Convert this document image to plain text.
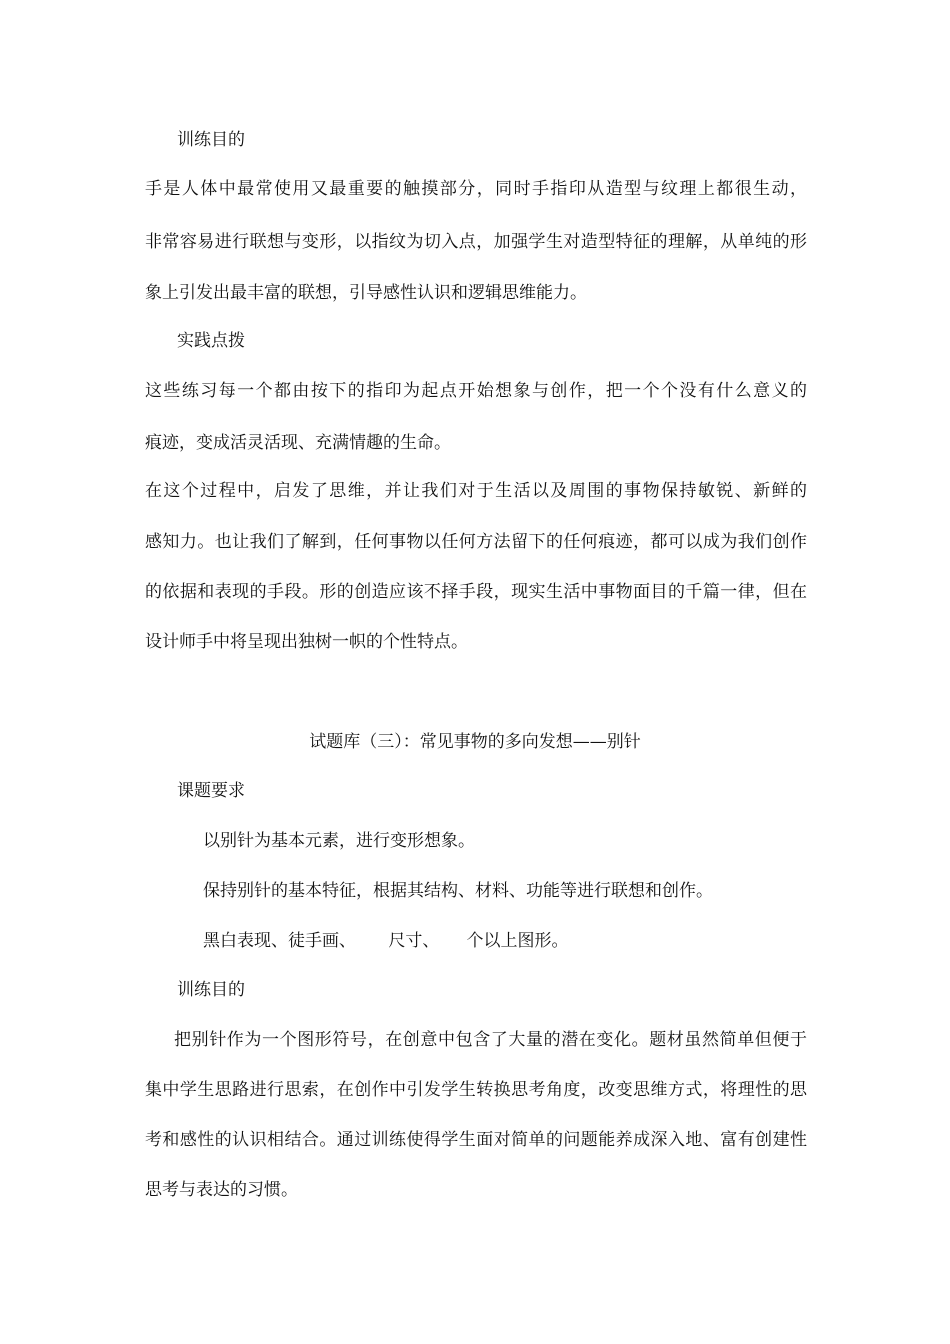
训练目的
手是人体中最常使用又最重要的触摸部分，同时手指印从造型与纹理上都很生动，
非常容易进行联想与变形，以指纹为切入点，加强学生对造型特征的理解，从单纯的形
象上引发出最丰富的联想，引导感性认识和逻辑思维能力。
实践点拨
这些练习每一个都由按下的指印为起点开始想象与创作，把一个个没有什么意义的
痕迹，变成活灵活现、充满情趣的生命。
在这个过程中，启发了思维，并让我们对于生活以及周围的事物保持敏锐、新鲜的
感知力。也让我们了解到，任何事物以任何方法留下的任何痕迹，都可以成为我们创作
的依据和表现的手段。形的创造应该不择手段，现实生活中事物面目的千篇一律，但在
设计师手中将呈现出独树一帜的个性特点。
试题库（三）：常见事物的多向发想——别针
课题要求
以别针为基本元素，进行变形想象。
保持别针的基本特征，根据其结构、材料、功能等进行联想和创作。
黑白表现、徒手画、      尺寸、     个以上图形。
训练目的
把别针作为一个图形符号，在创意中包含了大量的潜在变化。题材虽然简单但便于
集中学生思路进行思索，在创作中引发学生转换思考角度，改变思维方式，将理性的思
考和感性的认识相结合。通过训练使得学生面对简单的问题能养成深入地、富有创建性
思考与表达的习惯。
